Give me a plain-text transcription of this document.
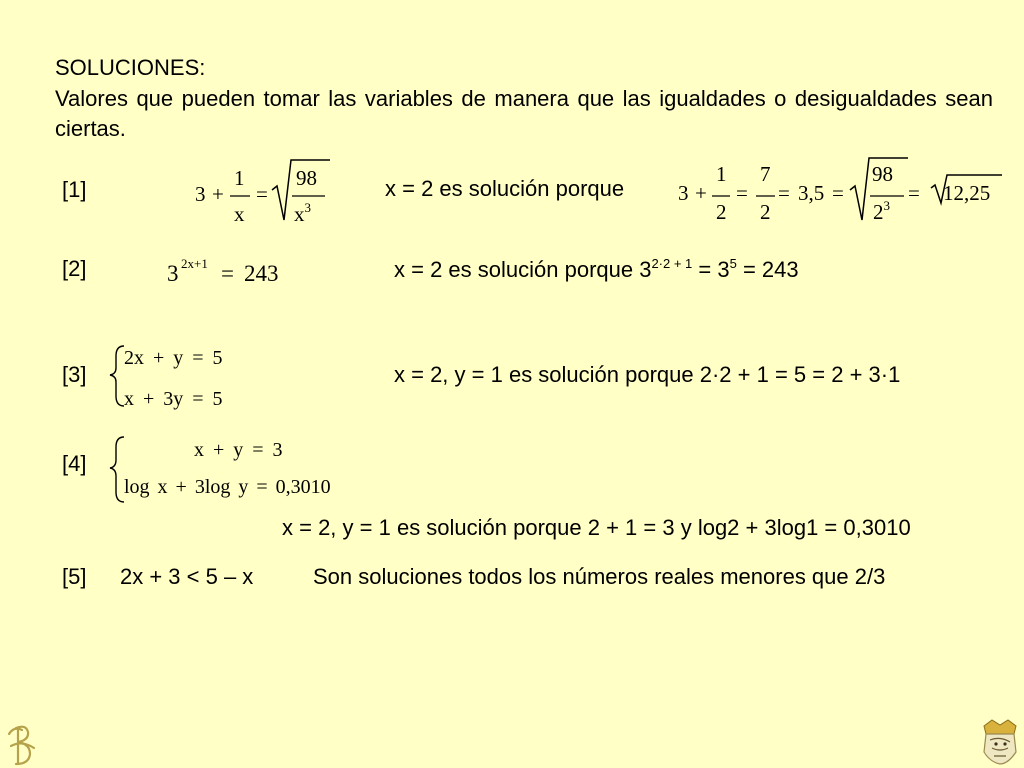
SOLUCIONES:
Valores que pueden tomar las variables de manera que las igualdades o desigualdades sean ciertas.
[1]	3 +
1
x
=
98
$x^3$
x = 2 es solución porque	3 +
1
2
=
7
2
= 3,5 =
98
$2^3$
= 12,25
[2]	3 2x+1 = 243	x = 2 es solución porque $3^{2\cdot 2 + 1} = 3^5 = 243$
[3]
2x + y = 5
x + 3y = 5
x = 2, y = 1 es solución porque 2·2 + 1 = 5 = 2 + 3·1
[4]
x + y = 3
log x + 3log y = 0,3010
x = 2, y = 1 es solución porque 2 + 1 = 3 y log2 + 3log1 = 0,3010
[5] 2x + 3 < 5 – x	Son soluciones todos los números reales menores que 2/3
